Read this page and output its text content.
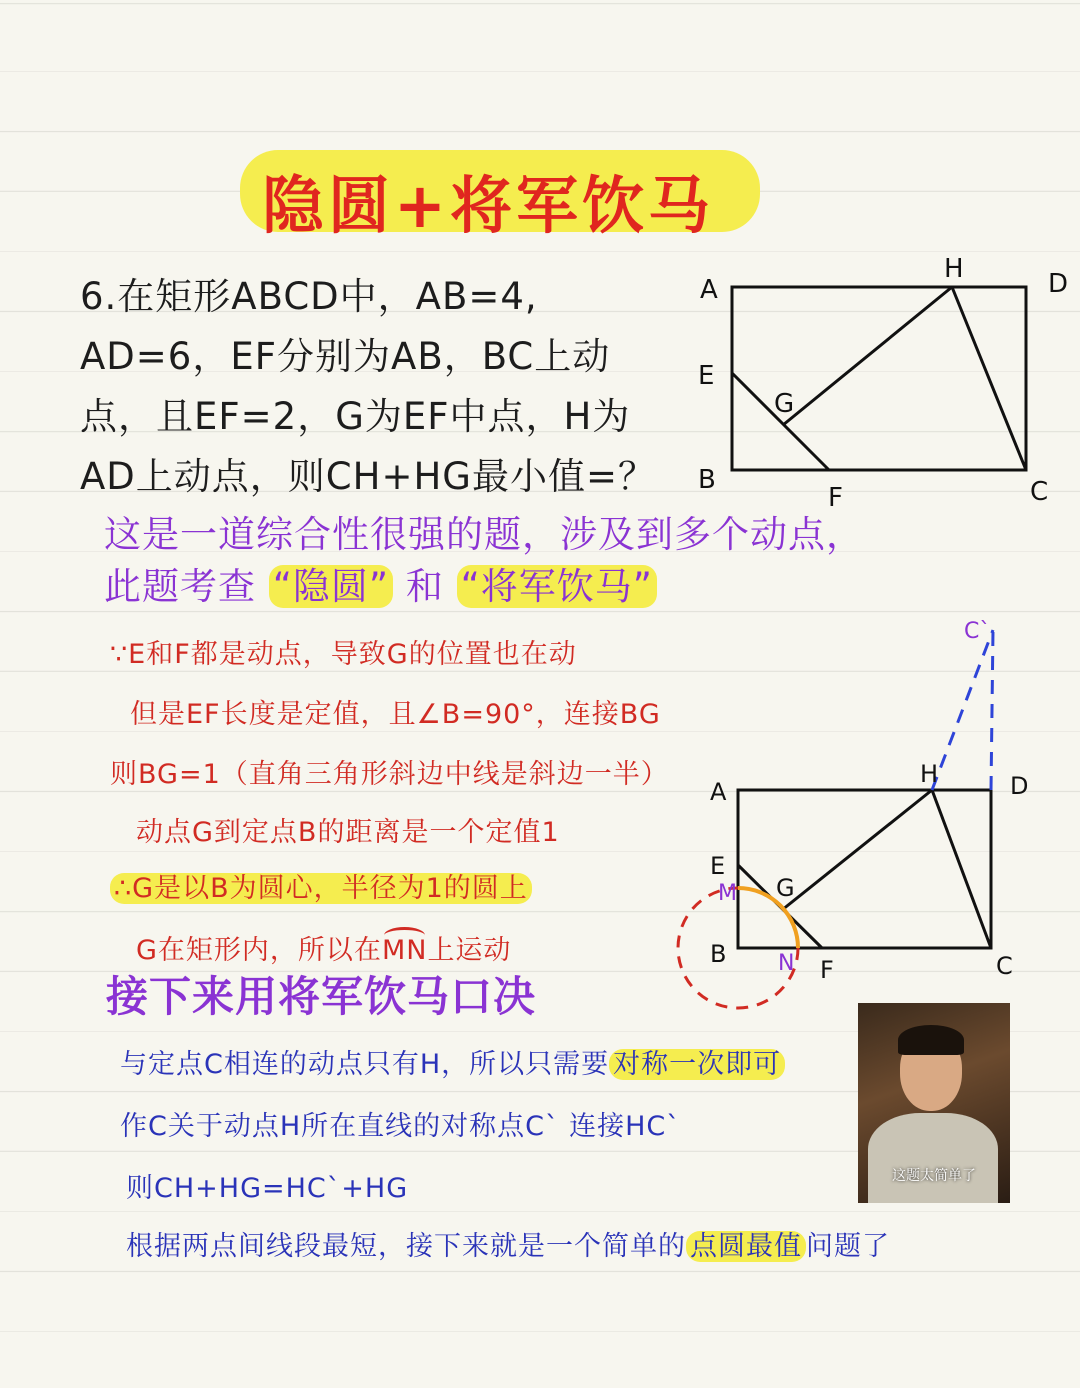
隐圆+将军饮马
6.在矩形ABCD中，AB=4,
AD=6，EF分别为AB，BC上动
点，且EF=2，G为EF中点，H为
AD上动点，则CH+HG最小值=？
A
H	D
E
G
B
F	C
这是一道综合性很强的题，涉及到多个动点，
此题考查 “隐圆” 和 “将军饮马”
∵E和F都是动点，导致G的位置也在动
但是EF长度是定值，且∠B=90°，连接BG
则BG=1（直角三角形斜边中线是斜边一半）
动点G到定点B的距离是一个定值1
∴G是以B为圆心，半径为1的圆上
G在矩形内，所以在MN上运动
A
H	D
E
G
B
F	C
C`
M
N
接下来用将军饮马口决
与定点C相连的动点只有H，所以只需要 对称一次即可
作C关于动点H所在直线的对称点C` 连接HC`
则CH+HG=HC`+HG
根据两点间线段最短，接下来就是一个简单的 点圆最值 问题了
这题太简单了
